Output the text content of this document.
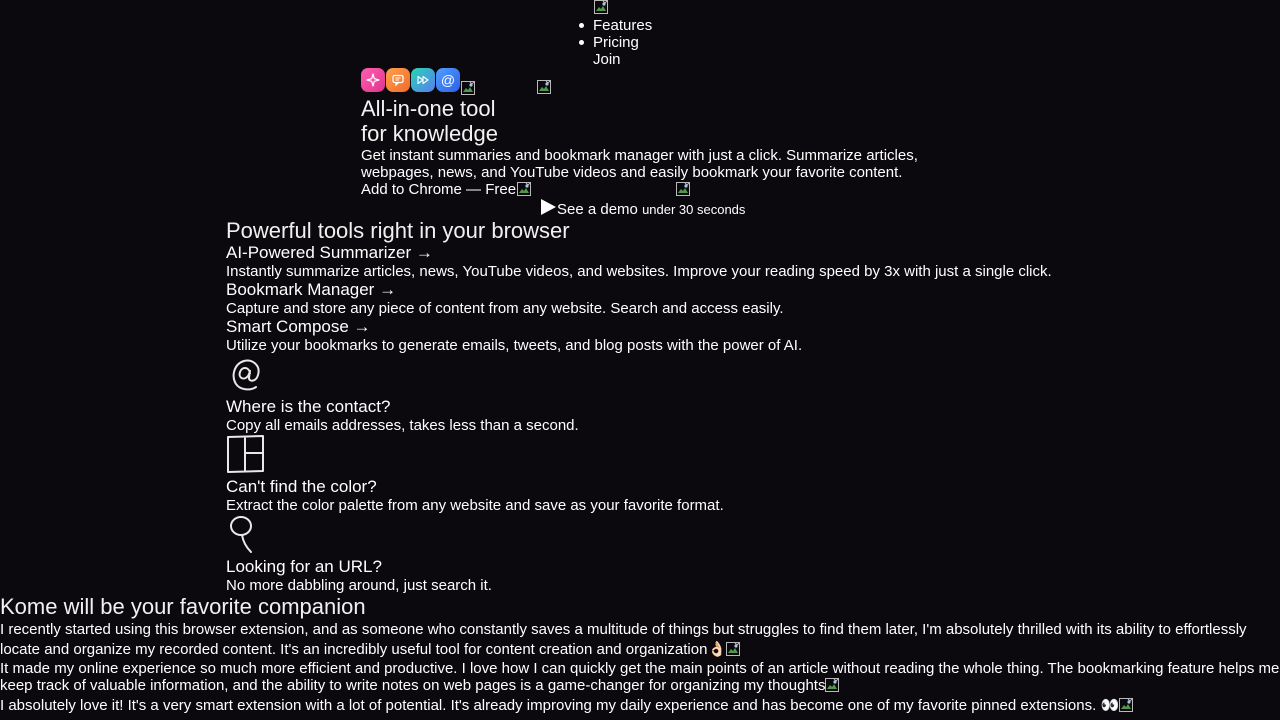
Features
Pricing
Join
@

All-in-one tool
for knowledge

Get instant summaries and bookmark manager with just a click. Summarize articles, webpages, news, and YouTube videos and easily bookmark your favorite content.

Add to Chrome — Free
See a demo under 30 seconds
Powerful tools right in your browser
AI-Powered Summarizer →

Instantly summarize articles, news, YouTube videos, and websites. Improve your reading speed by 3x with just a single click.

Bookmark Manager →

Capture and store any piece of content from any website. Search and access easily.

Smart Compose →

Utilize your bookmarks to generate emails, tweets, and blog posts with the power of AI.

Where is the contact?

Copy all emails addresses, takes less than a second.

Can't find the color?

Extract the color palette from any website and save as your favorite format.

Looking for an URL?

No more dabbling around, just search it.

Kome will be your favorite companion

I recently started using this browser extension, and as someone who constantly saves a multitude of things but struggles to find them later, I'm absolutely thrilled with its ability to effortlessly locate and organize my recorded content. It's an incredibly useful tool for content creation and organization👌🏻

It made my online experience so much more efficient and productive. I love how I can quickly get the main points of an article without reading the whole thing. The bookmarking feature helps me keep track of valuable information, and the ability to write notes on web pages is a game-changer for organizing my thoughts

I absolutely love it! It's a very smart extension with a lot of potential. It's already improving my daily experience and has become one of my favorite pinned extensions. 👀
